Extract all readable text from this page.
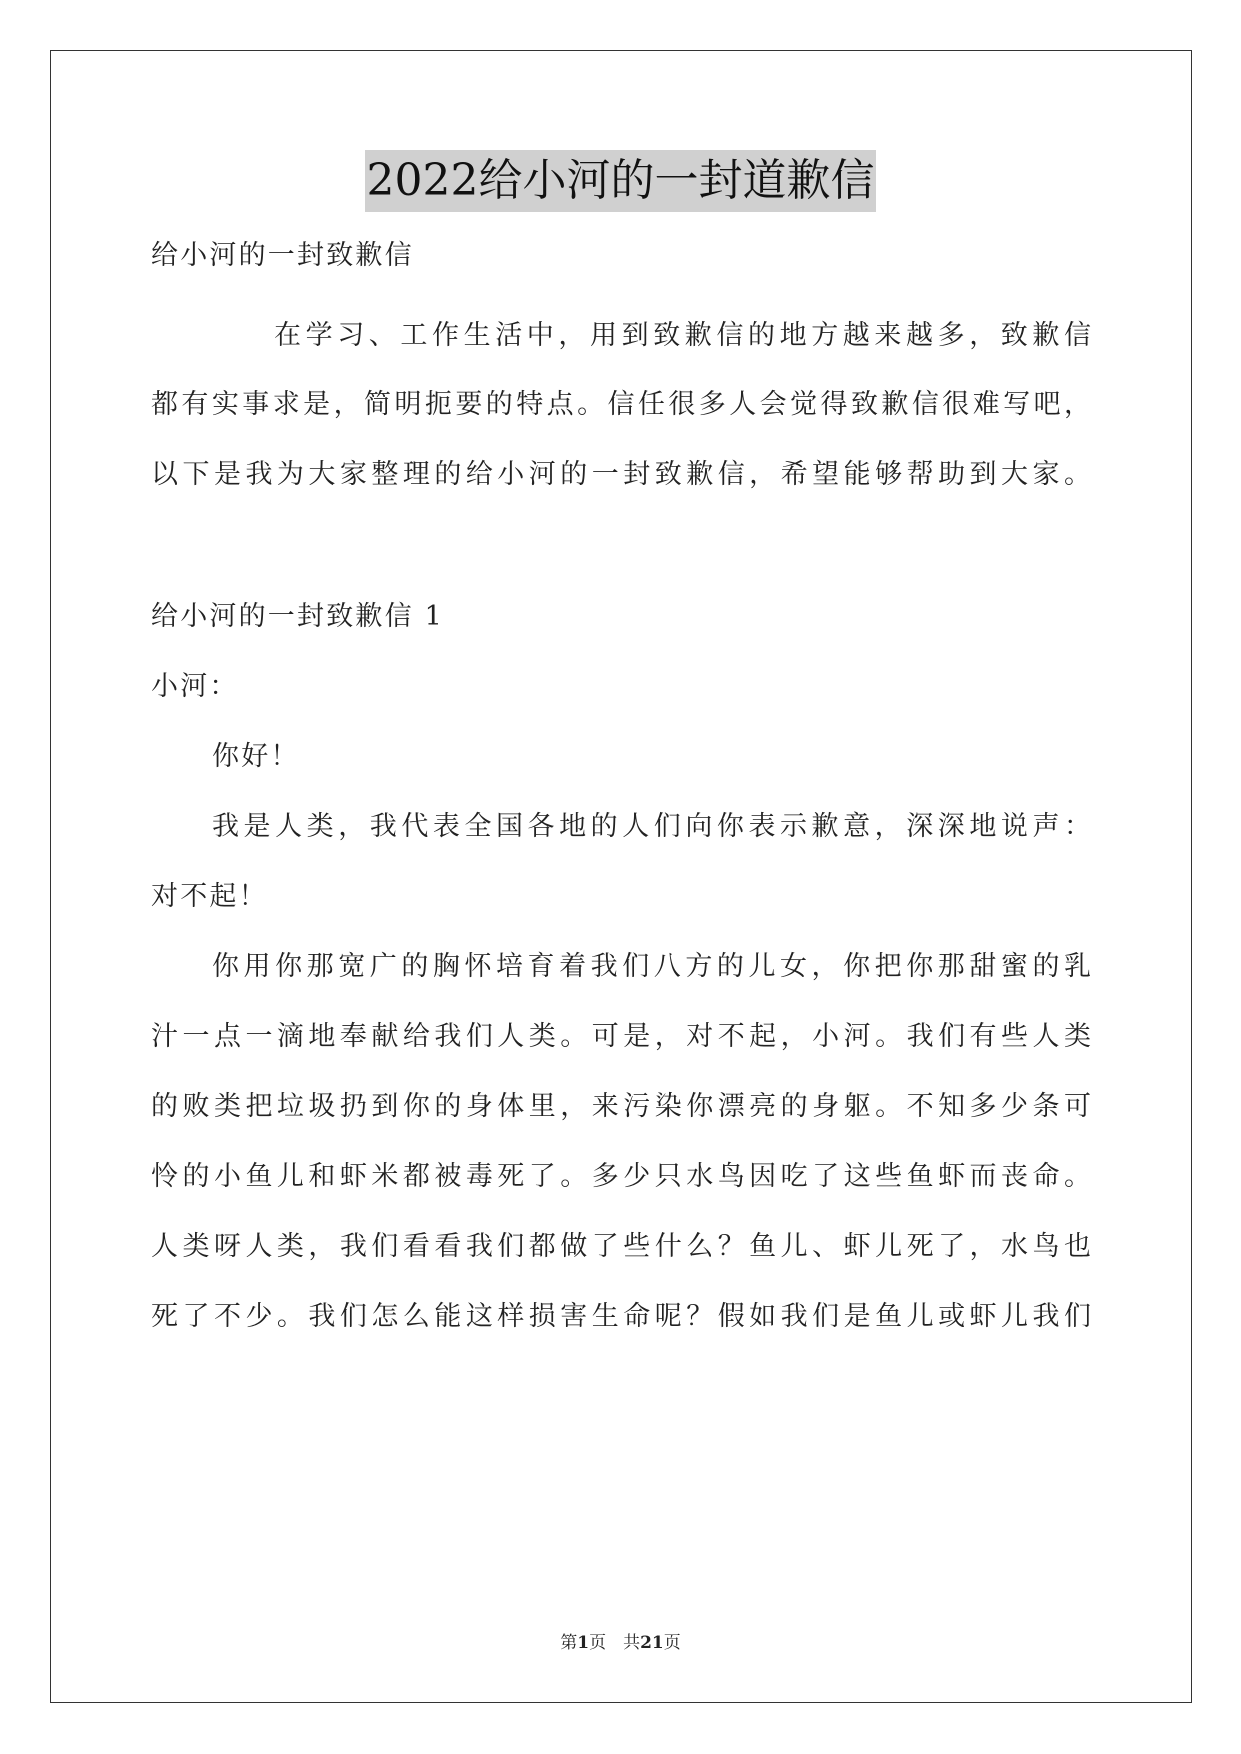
2022给小河的一封道歉信
给小河的一封致歉信
在学习、工作生活中，用到致歉信的地方越来越多，致歉信
都有实事求是，简明扼要的特点。信任很多人会觉得致歉信很难写吧，
以下是我为大家整理的给小河的一封致歉信，希望能够帮助到大家。
给小河的一封致歉信 1
小河：
你好！
我是人类，我代表全国各地的人们向你表示歉意，深深地说声：
对不起！
你用你那宽广的胸怀培育着我们八方的儿女，你把你那甜蜜的乳
汁一点一滴地奉献给我们人类。可是，对不起，小河。我们有些人类
的败类把垃圾扔到你的身体里，来污染你漂亮的身躯。不知多少条可
怜的小鱼儿和虾米都被毒死了。多少只水鸟因吃了这些鱼虾而丧命。
人类呀人类，我们看看我们都做了些什么？鱼儿、虾儿死了，水鸟也
死了不少。我们怎么能这样损害生命呢？假如我们是鱼儿或虾儿我们
第1页　共21页
